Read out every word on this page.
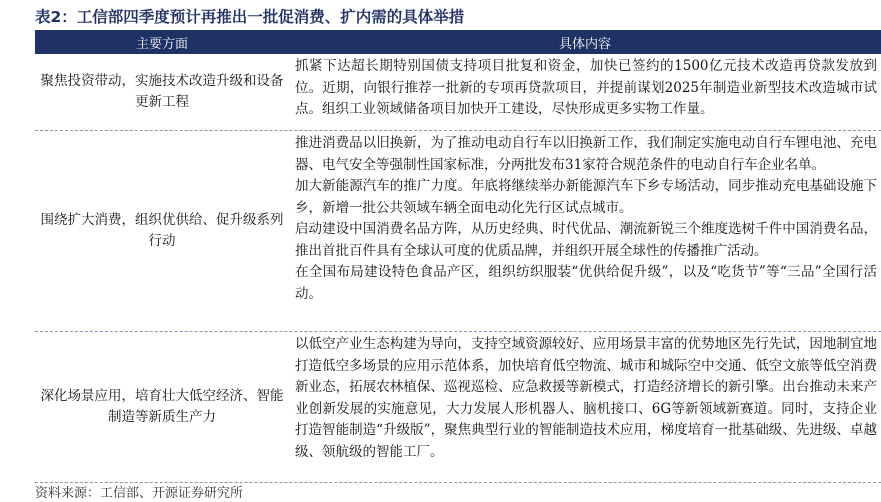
表2：工信部四季度预计再推出一批促消费、扩内需的具体举措
主要方面	具体内容
聚焦投资带动，实施技术改造升级和设备更新工程

抓紧下达超长期特别国债支持项目批复和资金，加快已签约的1500亿元技术改造再贷款发放到位。近期，向银行推荐一批新的专项再贷款项目，并提前谋划2025年制造业新型技术改造城市试点。组织工业领域储备项目加快开工建设，尽快形成更多实物工作量。

围绕扩大消费，组织优供给、促升级系列行动

推进消费品以旧换新，为了推动电动自行车以旧换新工作，我们制定实施电动自行车锂电池、充电器、电气安全等强制性国家标准，分两批发布31家符合规范条件的电动自行车企业名单。

加大新能源汽车的推广力度。年底将继续举办新能源汽车下乡专场活动，同步推动充电基础设施下乡，新增一批公共领域车辆全面电动化先行区试点城市。

启动建设中国消费名品方阵，从历史经典、时代优品、潮流新锐三个维度选树千件中国消费名品，推出首批百件具有全球认可度的优质品牌，并组织开展全球性的传播推广活动。

在全国布局建设特色食品产区，组织纺织服装“优供给促升级”，以及“吃货节”等“三品”全国行活动。

深化场景应用，培育壮大低空经济、智能制造等新质生产力

以低空产业生态构建为导向，支持空域资源较好、应用场景丰富的优势地区先行先试，因地制宜地打造低空多场景的应用示范体系，加快培育低空物流、城市和城际空中交通、低空文旅等低空消费新业态，拓展农林植保、巡视巡检、应急救援等新模式，打造经济增长的新引擎。出台推动未来产业创新发展的实施意见，大力发展人形机器人、脑机接口、6G等新领域新赛道。同时，支持企业打造智能制造“升级版”，聚焦典型行业的智能制造技术应用，梯度培育一批基础级、先进级、卓越级、领航级的智能工厂。

资料来源：工信部、开源证券研究所
